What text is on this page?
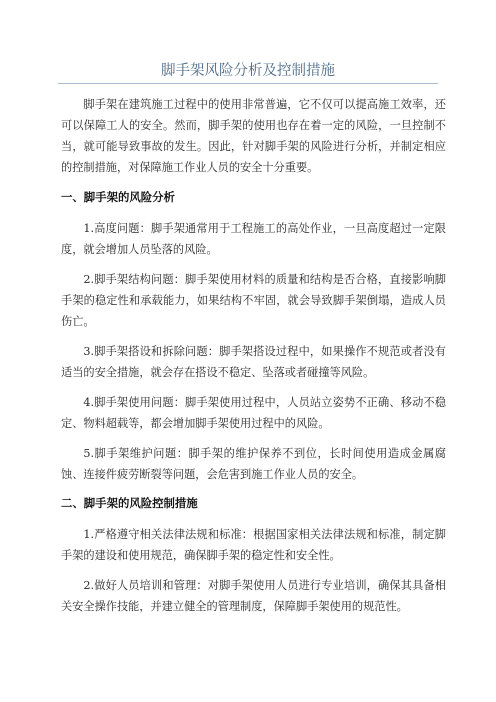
脚手架风险分析及控制措施

脚手架在建筑施工过程中的使用非常普遍，它不仅可以提高施工效率，还可以保障工人的安全。然而，脚手架的使用也存在着一定的风险，一旦控制不当，就可能导致事故的发生。因此，针对脚手架的风险进行分析，并制定相应的控制措施，对保障施工作业人员的安全十分重要。

一、脚手架的风险分析

1.高度问题：脚手架通常用于工程施工的高处作业，一旦高度超过一定限度，就会增加人员坠落的风险。

2.脚手架结构问题：脚手架使用材料的质量和结构是否合格，直接影响脚手架的稳定性和承载能力，如果结构不牢固，就会导致脚手架倒塌，造成人员伤亡。

3.脚手架搭设和拆除问题：脚手架搭设过程中，如果操作不规范或者没有适当的安全措施，就会存在搭设不稳定、坠落或者碰撞等风险。

4.脚手架使用问题：脚手架使用过程中，人员站立姿势不正确、移动不稳定、物料超载等，都会增加脚手架使用过程中的风险。

5.脚手架维护问题：脚手架的维护保养不到位，长时间使用造成金属腐蚀、连接件疲劳断裂等问题，会危害到施工作业人员的安全。

二、脚手架的风险控制措施

1.严格遵守相关法律法规和标准：根据国家相关法律法规和标准，制定脚手架的建设和使用规范，确保脚手架的稳定性和安全性。

2.做好人员培训和管理：对脚手架使用人员进行专业培训，确保其具备相关安全操作技能，并建立健全的管理制度，保障脚手架使用的规范性。
